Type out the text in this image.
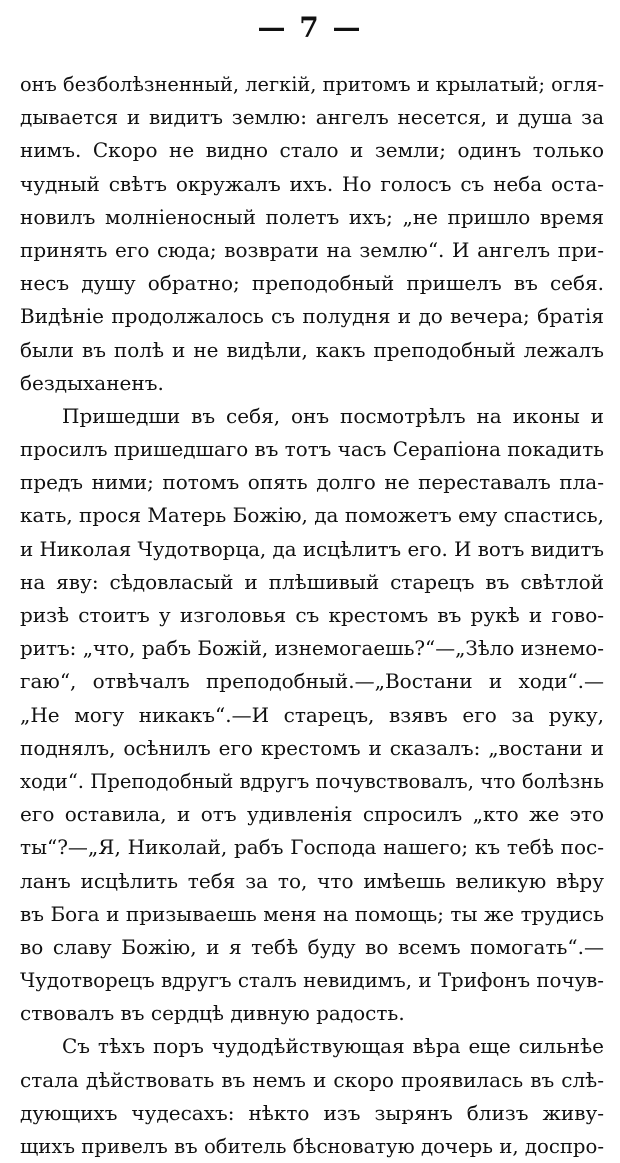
— 7 —
онъ безболѣзненный, легкій, притомъ и крылатый; огля-
дывается и видитъ землю: ангелъ несется, и душа за
нимъ. Скоро не видно стало и земли; одинъ только
чудный свѣтъ окружалъ ихъ. Но голосъ съ неба оста-
новилъ молніеносный полетъ ихъ; „не пришло время
принять его сюда; возврати на землю“. И ангелъ при-
несъ душу обратно; преподобный пришелъ въ себя.
Видѣніе продолжалось съ полудня и до вечера; братія
были въ полѣ и не видѣли, какъ преподобный лежалъ
бездыханенъ.
Пришедши въ себя, онъ посмотрѣлъ на иконы и
просилъ пришедшаго въ тотъ часъ Серапіона покадить
предъ ними; потомъ опять долго не переставалъ пла-
кать, прося Матерь Божію, да поможетъ ему спастись,
и Николая Чудотворца, да исцѣлитъ его. И вотъ видитъ
на яву: сѣдовласый и плѣшивый старецъ въ свѣтлой
ризѣ стоитъ у изголовья съ крестомъ въ рукѣ и гово-
ритъ: „что, рабъ Божій, изнемогаешь?“—„Зѣло изнемо-
гаю“, отвѣчалъ преподобный.—„Востани и ходи“.—
„Не могу никакъ“.—И старецъ, взявъ его за руку,
поднялъ, осѣнилъ его крестомъ и сказалъ: „востани и
ходи“. Преподобный вдругъ почувствовалъ, что болѣзнь
его оставила, и отъ удивленія спросилъ „кто же это
ты“?—„Я, Николай, рабъ Господа нашего; къ тебѣ пос-
ланъ исцѣлить тебя за то, что имѣешь великую вѣру
въ Бога и призываешь меня на помощь; ты же трудись
во славу Божію, и я тебѣ буду во всемъ помогать“.—
Чудотворецъ вдругъ сталъ невидимъ, и Трифонъ почув-
ствовалъ въ сердцѣ дивную радость.
Съ тѣхъ поръ чудодѣйствующая вѣра еще сильнѣе
стала дѣйствовать въ немъ и скоро проявилась въ слѣ-
дующихъ чудесахъ: нѣкто изъ зырянъ близъ живу-
щихъ привелъ въ обитель бѣсноватую дочерь и, доспро-
